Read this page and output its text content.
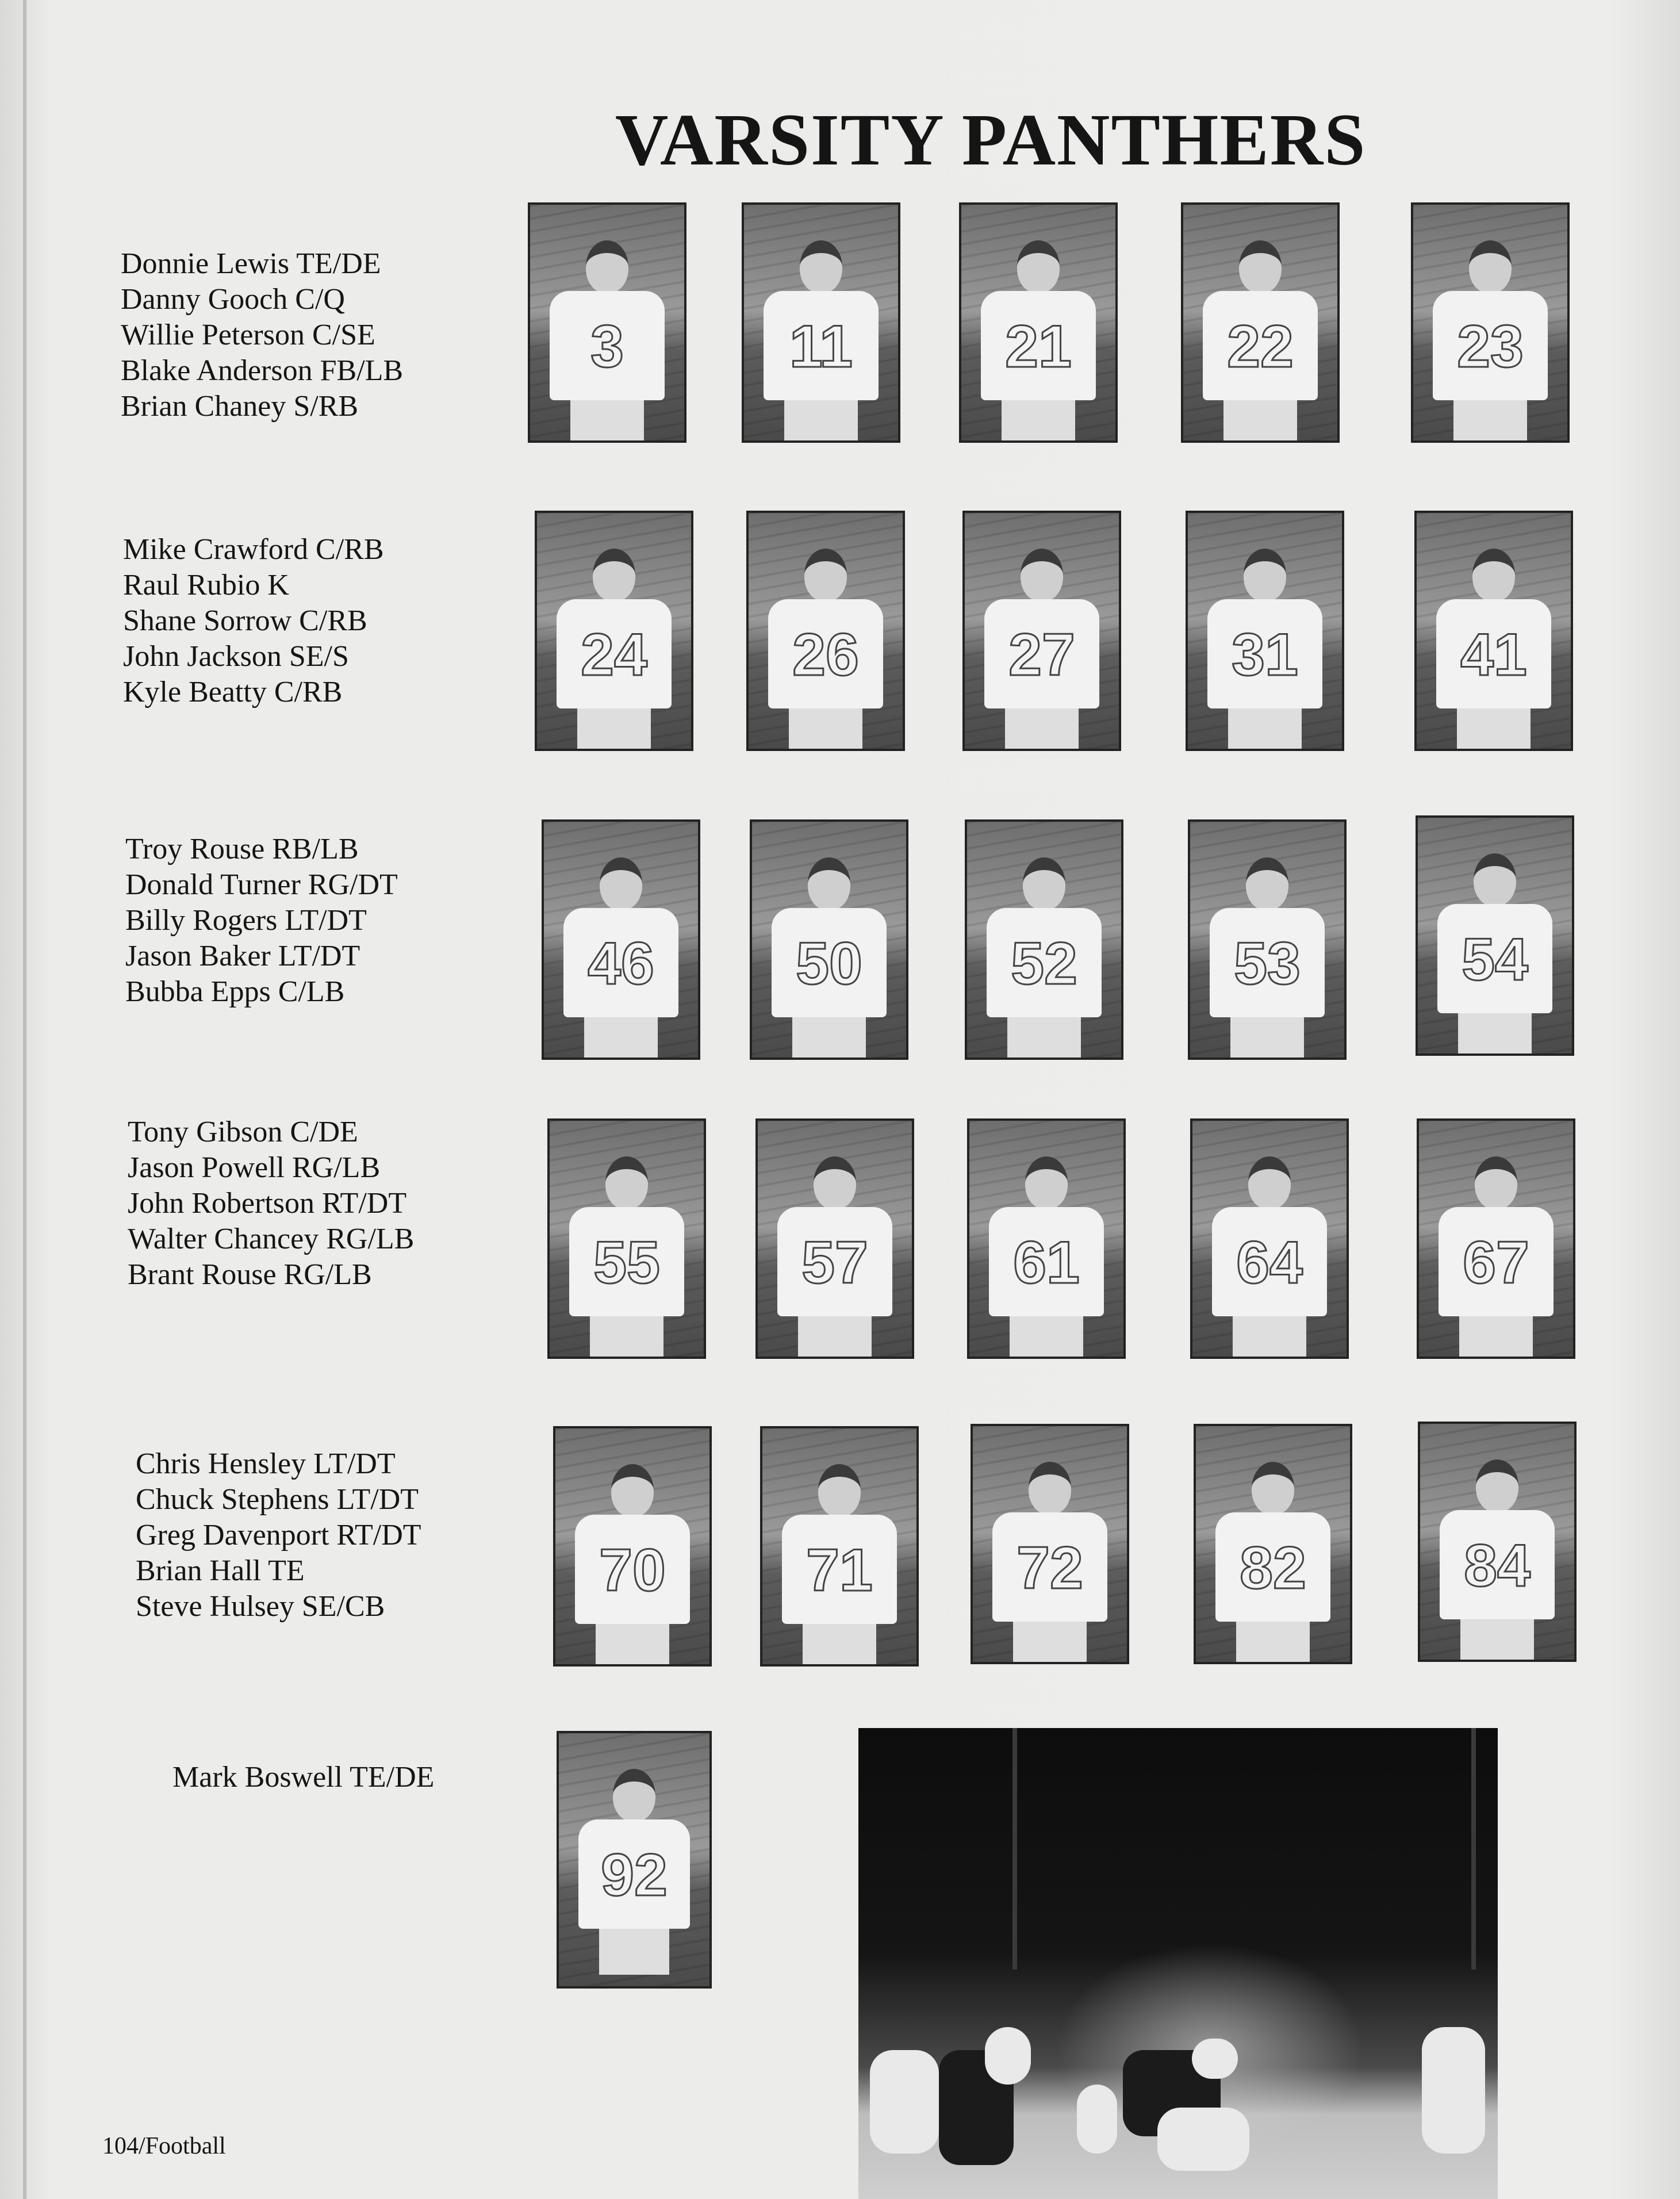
VARSITY PANTHERS
Donnie Lewis TE/DE
Danny Gooch C/Q
Willie Peterson C/SE
Blake Anderson FB/LB
Brian Chaney S/RB
3	11	21	22	23
Mike Crawford C/RB
Raul Rubio K
Shane Sorrow C/RB
John Jackson SE/S
Kyle Beatty C/RB
24	26	27	31	41
Troy Rouse RB/LB
Donald Turner RG/DT
Billy Rogers LT/DT
Jason Baker LT/DT
Bubba Epps C/LB	46	50	52	53	54
Tony Gibson C/DE
Jason Powell RG/LB
John Robertson RT/DT
Walter Chancey RG/LB
Brant Rouse RG/LB	55	57	61	64	67
Chris Hensley LT/DT
Chuck Stephens LT/DT
Greg Davenport RT/DT
Brian Hall TE
Steve Hulsey SE/CB
70	71	72	82	84
Mark Boswell TE/DE
92

104/Football
